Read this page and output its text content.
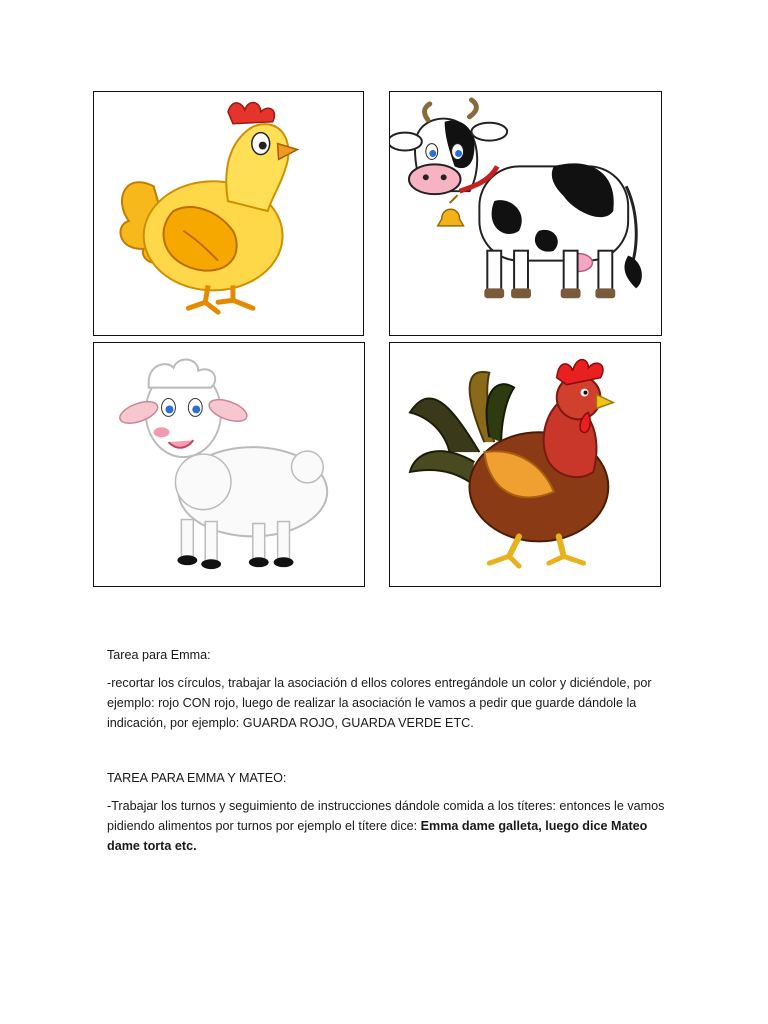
Tarea para Emma:

-recortar los círculos, trabajar la asociación d ellos colores entregándole un color y diciéndole, por ejemplo: rojo CON rojo, luego de realizar la asociación le vamos a pedir que guarde dándole la indicación, por ejemplo: GUARDA ROJO, GUARDA VERDE ETC.

TAREA PARA EMMA Y MATEO:

-Trabajar los turnos y seguimiento de instrucciones dándole comida a los títeres: entonces le vamos pidiendo alimentos por turnos por ejemplo el títere dice: Emma dame galleta, luego dice Mateo dame torta etc.
